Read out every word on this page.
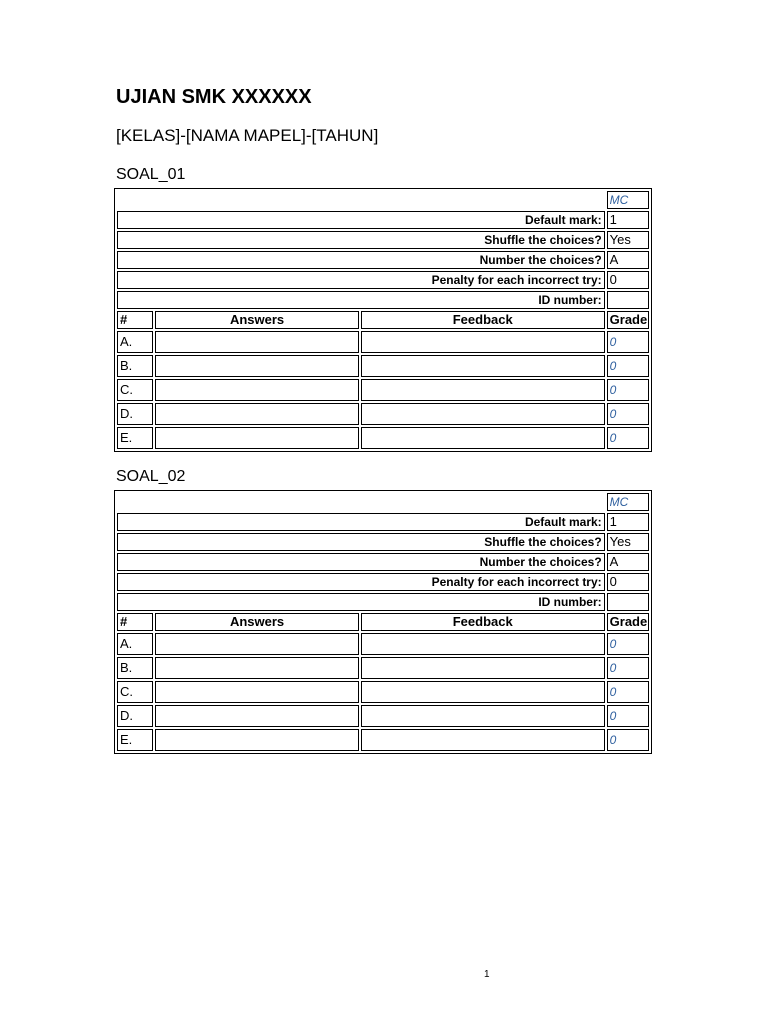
UJIAN SMK XXXXXX
[KELAS]-[NAMA MAPEL]-[TAHUN]
SOAL_01
			MC
Default mark:			1
Shuffle the choices?			Yes
Number the choices?			A
Penalty for each incorrect try:			0
ID number:			
#	Answers	Feedback	Grade
A.			0
B.			0
C.			0
D.			0
E.			0
SOAL_02
			MC
Default mark:			1
Shuffle the choices?			Yes
Number the choices?			A
Penalty for each incorrect try:			0
ID number:			
#	Answers	Feedback	Grade
A.			0
B.			0
C.			0
D.			0
E.			0
1
